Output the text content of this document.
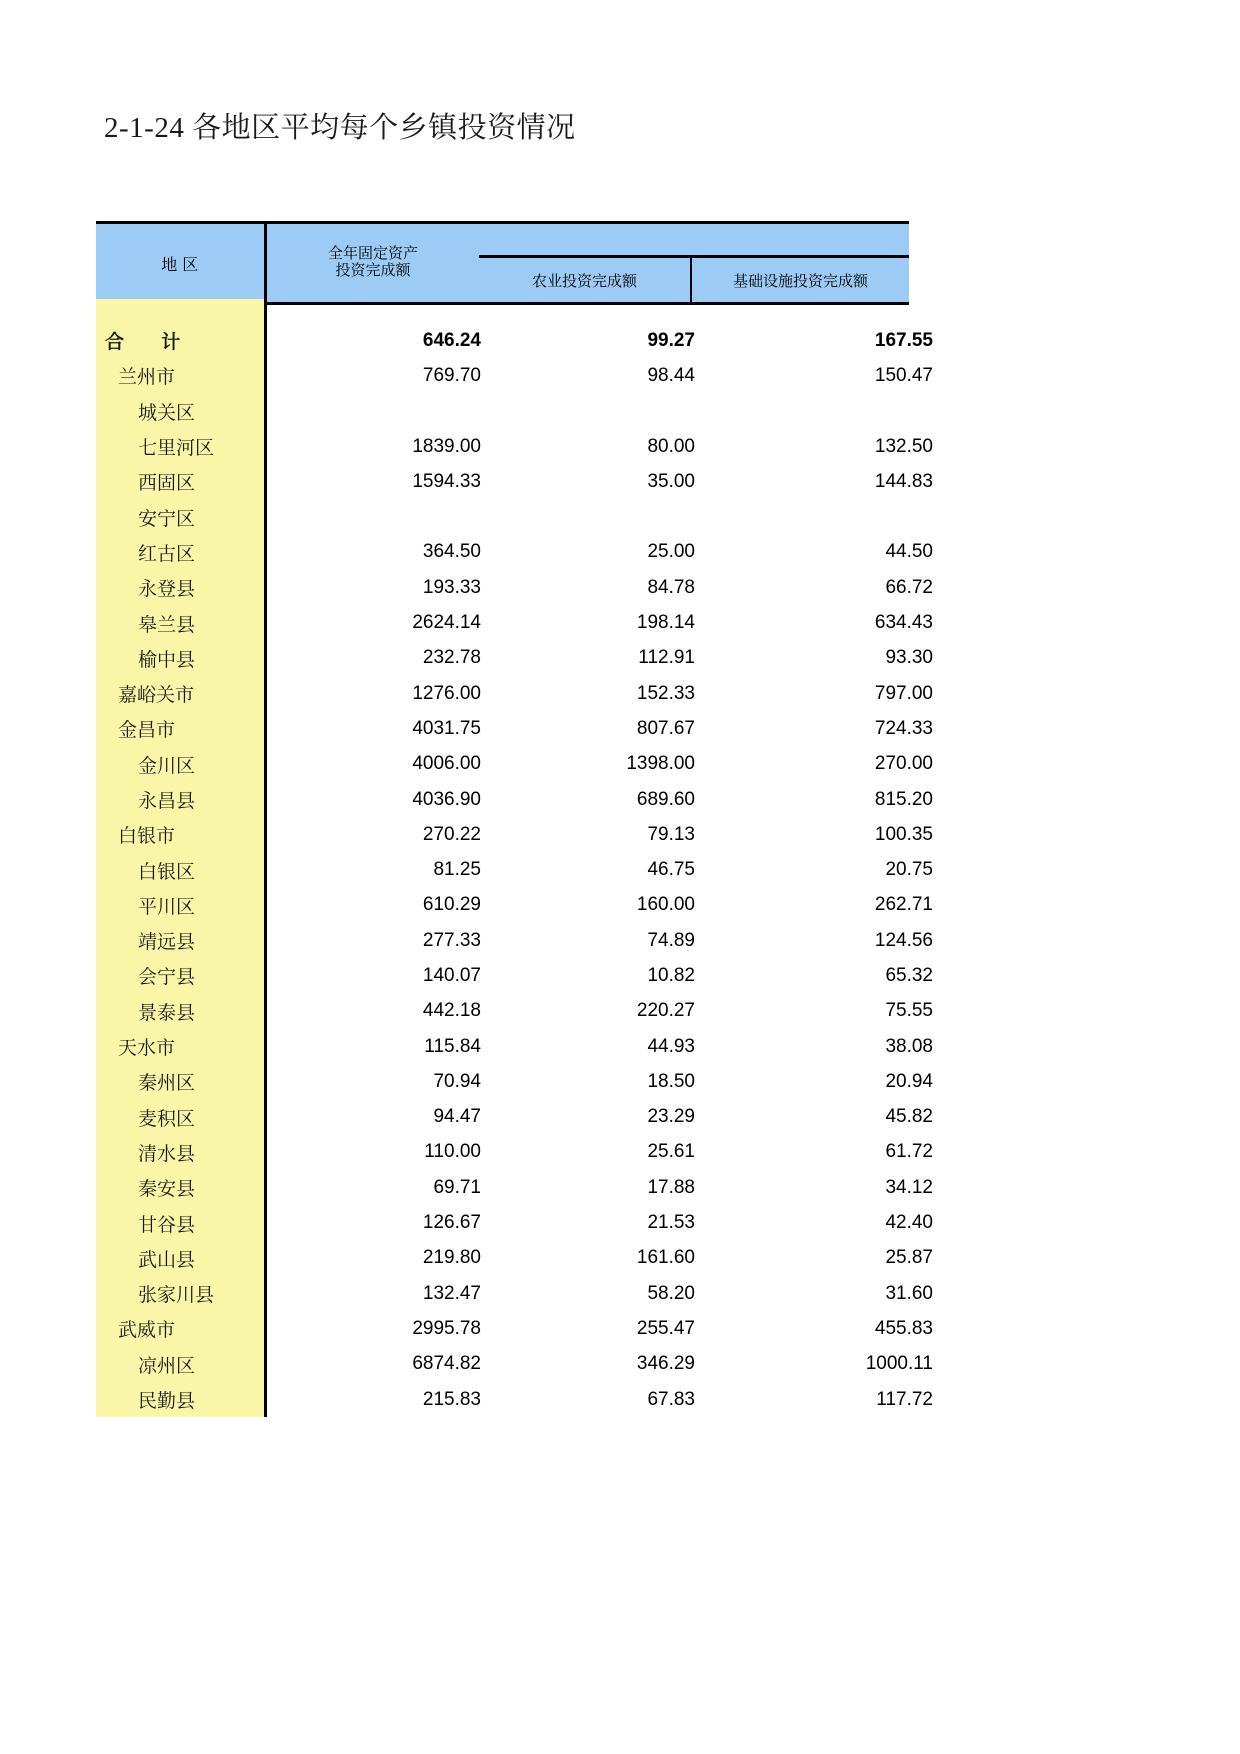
2-1-24 各地区平均每个乡镇投资情况
地 区	
全年固定资产
投资完成额

农业投资完成额	基础设施投资完成额

合 计	646.24	99.27	167.55
兰州市	769.70	98.44	150.47
城关区			
七里河区	1839.00	80.00	132.50
西固区	1594.33	35.00	144.83
安宁区			
红古区	364.50	25.00	44.50
永登县	193.33	84.78	66.72
皋兰县	2624.14	198.14	634.43
榆中县	232.78	112.91	93.30
嘉峪关市	1276.00	152.33	797.00
金昌市	4031.75	807.67	724.33
金川区	4006.00	1398.00	270.00
永昌县	4036.90	689.60	815.20
白银市	270.22	79.13	100.35
白银区	81.25	46.75	20.75
平川区	610.29	160.00	262.71
靖远县	277.33	74.89	124.56
会宁县	140.07	10.82	65.32
景泰县	442.18	220.27	75.55
天水市	115.84	44.93	38.08
秦州区	70.94	18.50	20.94
麦积区	94.47	23.29	45.82
清水县	110.00	25.61	61.72
秦安县	69.71	17.88	34.12
甘谷县	126.67	21.53	42.40
武山县	219.80	161.60	25.87
张家川县	132.47	58.20	31.60
武威市	2995.78	255.47	455.83
凉州区	6874.82	346.29	1000.11
民勤县	215.83	67.83	117.72
